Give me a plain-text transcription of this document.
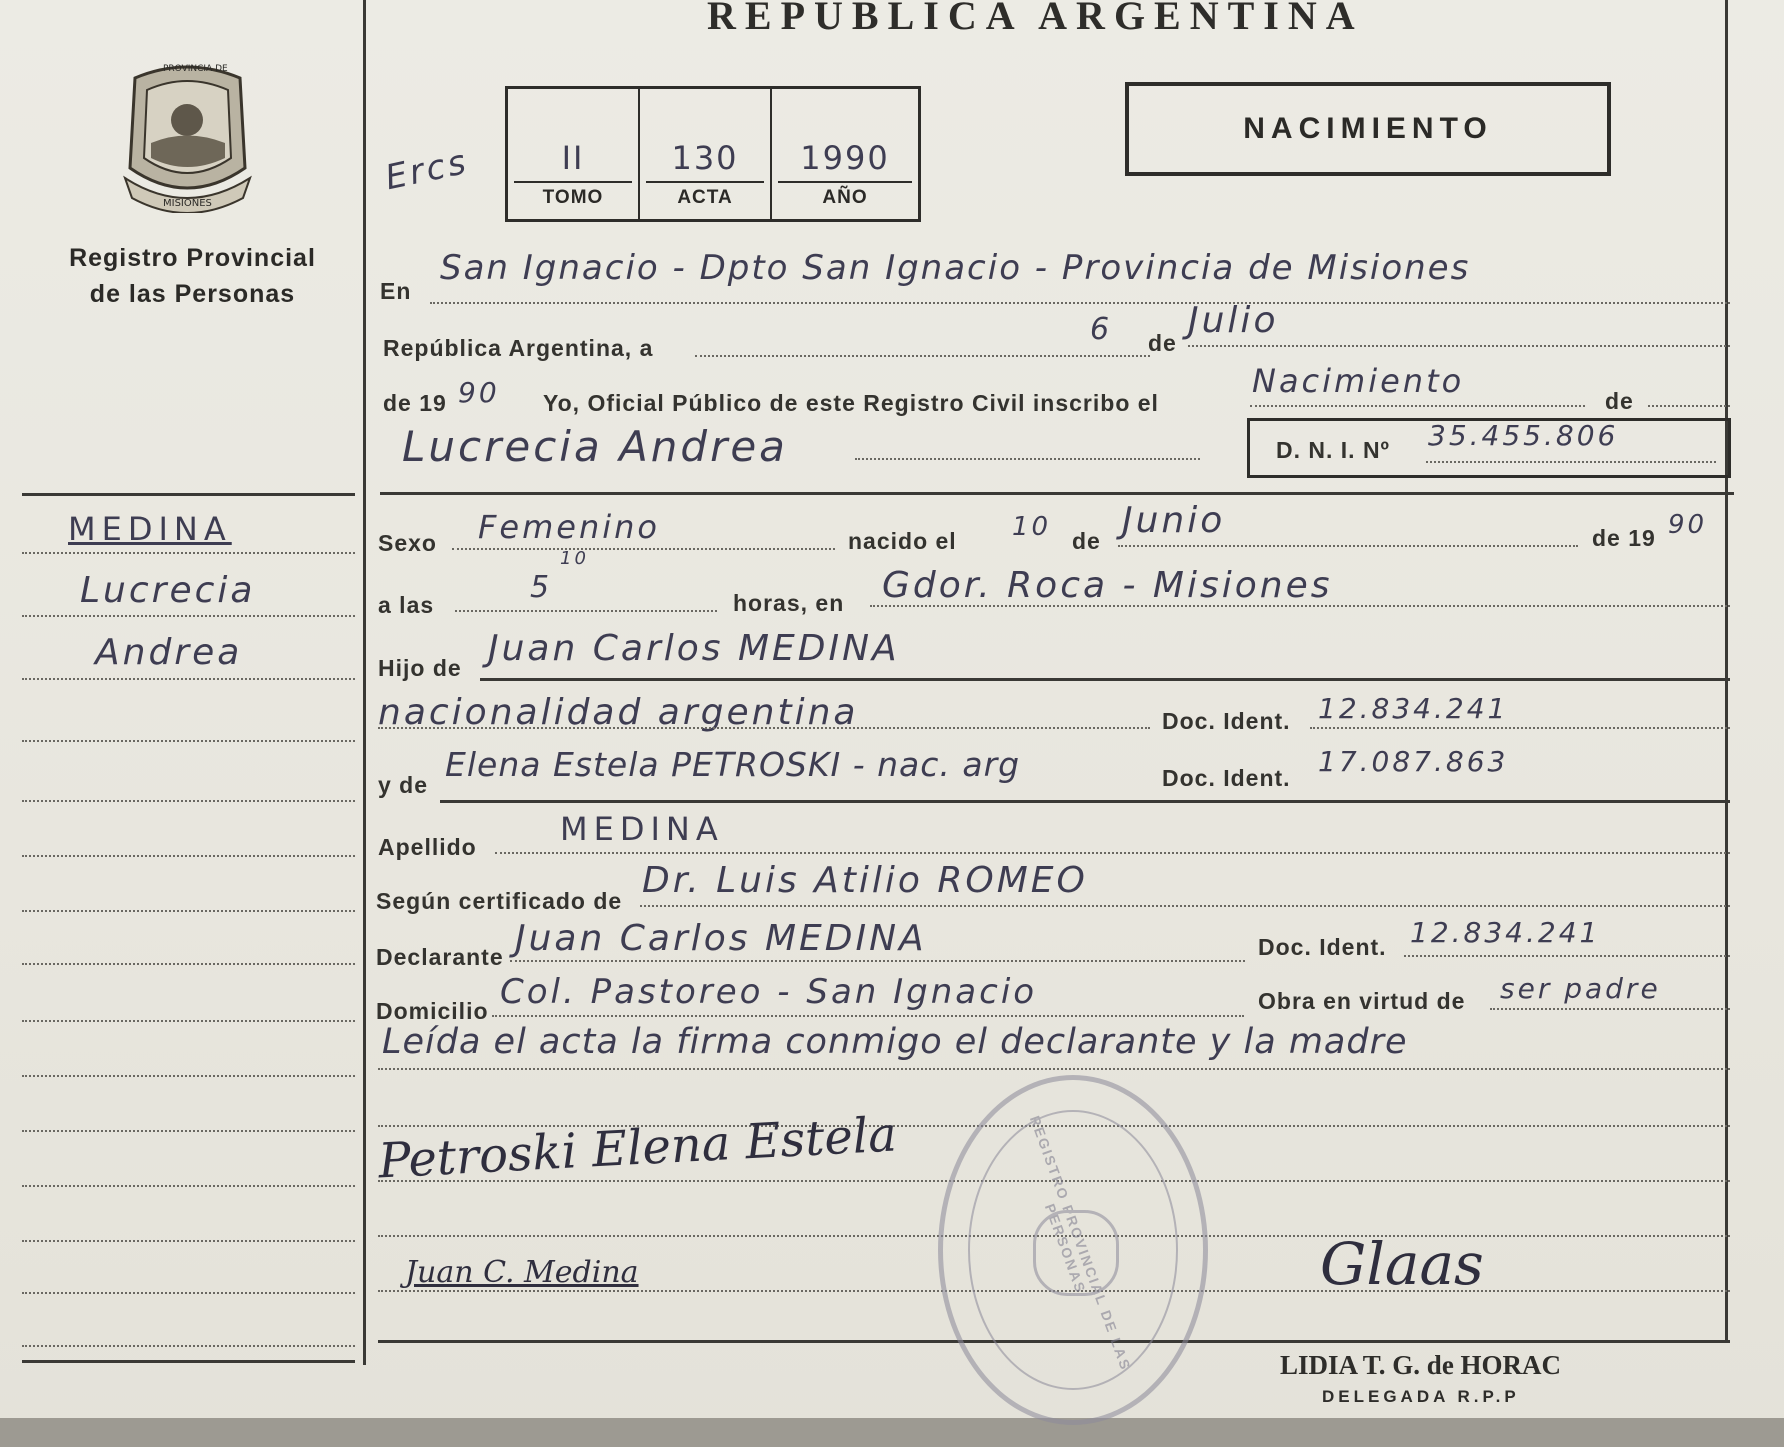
REPUBLICA ARGENTINA
PROVINCIA DE
MISIONES
Registro Provincial
de las Personas
Ercs	II
TOMO
130
ACTA
1990
AÑO
NACIMIENTO
MEDINA
Lucrecia
Andrea
En
San Ignacio - Dpto San Ignacio - Provincia de Misiones
República Argentina, a
6 de
Julio
de 19 90 Yo, Oficial Público de este Registro Civil inscribo el
Nacimiento
de
Lucrecia Andrea	D. N. I. Nº 35.455.806
Sexo Femenino	nacido el 10 de Junio	de 19 90
a las
10
5	horas, en Gdor. Roca - Misiones
Hijo de Juan Carlos MEDINA
nacionalidad argentina	Doc. Ident. 12.834.241
y de
Elena Estela PETROSKI - nac. arg	Doc. Ident. 17.087.863
Apellido	MEDINA
Según certificado de Dr. Luis Atilio ROMEO
Declarante Juan Carlos MEDINA	Doc. Ident. 12.834.241
Domicilio Col. Pastoreo - San Ignacio	Obra en virtud de ser padre
Leída el acta la firma conmigo el declarante y la madre
REGISTRO PROVINCIAL DE LAS PERSONAS
Petroski Elena Estela
Juan C. Medina	Glaas
LIDIA T. G. de HORAC
DELEGADA R.P.P
